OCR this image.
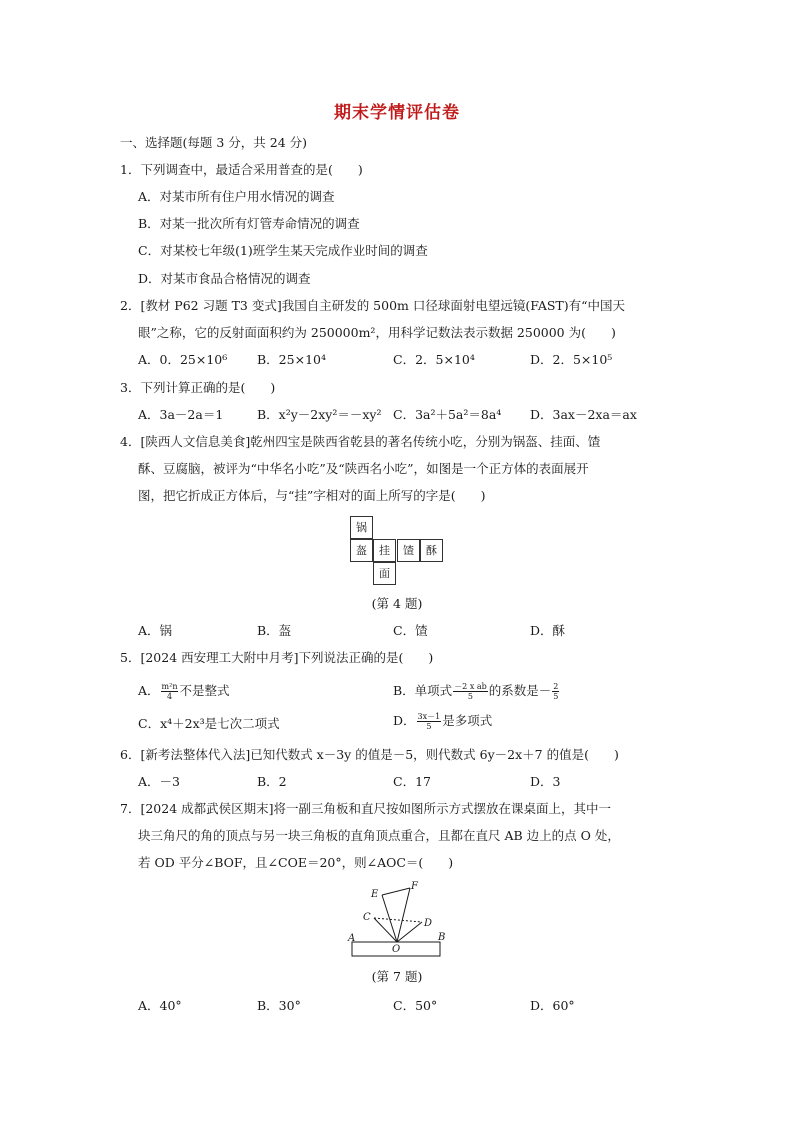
期末学情评估卷
一、选择题(每题 3 分，共 24 分)
1．下列调查中，最适合采用普查的是(　　)
A．对某市所有住户用水情况的调查
B．对某一批次所有灯管寿命情况的调查
C．对某校七年级(1)班学生某天完成作业时间的调查
D．对某市食品合格情况的调查
2．[教材 P62 习题 T3 变式]我国自主研发的 500m 口径球面射电望远镜(FAST)有“中国天
眼”之称，它的反射面面积约为 250000m²，用科学记数法表示数据 250000 为(　　)
A．0．25×10⁶ B．25×10⁴	C．2．5×10⁴	D．2．5×10⁵
3．下列计算正确的是(　　)
A．3a－2a＝1	B．x²y－2xy²＝－xy² C．3a²＋5a²＝8a⁴ D．3ax－2xa＝ax
4．[陕西人文信息美食]乾州四宝是陕西省乾县的著名传统小吃，分别为锅盔、挂面、馇
酥、豆腐脑，被评为“中华名小吃”及“陕西名小吃”，如图是一个正方体的表面展开
图，把它折成正方体后，与“挂”字相对的面上所写的字是(　　)
锅
盔	挂	馇	酥
面
(第 4 题)
A．锅	B．盔	C．馇	D．酥
5．[2024 西安理工大附中月考]下列说法正确的是(　　)
A． $\frac{\text{m²n}}{4}$ 不是整式	B．单项式 $\frac{\text{－2 x ab}}{5}$ 的系数是－ $\frac{2}{5}$
C．x⁴＋2x³是七次二项式	D． $\frac{3x-1}{5}$ 是多项式
6．[新考法整体代入法]已知代数式 x－3y 的值是－5，则代数式 6y－2x＋7 的值是(　　)
A．－3	B．2	C．17	D．3
7．[2024 成都武侯区期末]将一副三角板和直尺按如图所示方式摆放在课桌面上，其中一
块三角尺的角的顶点与另一块三角板的直角顶点重合，且都在直尺 AB 边上的点 O 处，
若 OD 平分∠BOF，且∠COE＝20°，则∠AOC＝(　　)
E
F
C
D
A	B
O
(第 7 题)
A．40°	B．30°	C．50°	D．60°
